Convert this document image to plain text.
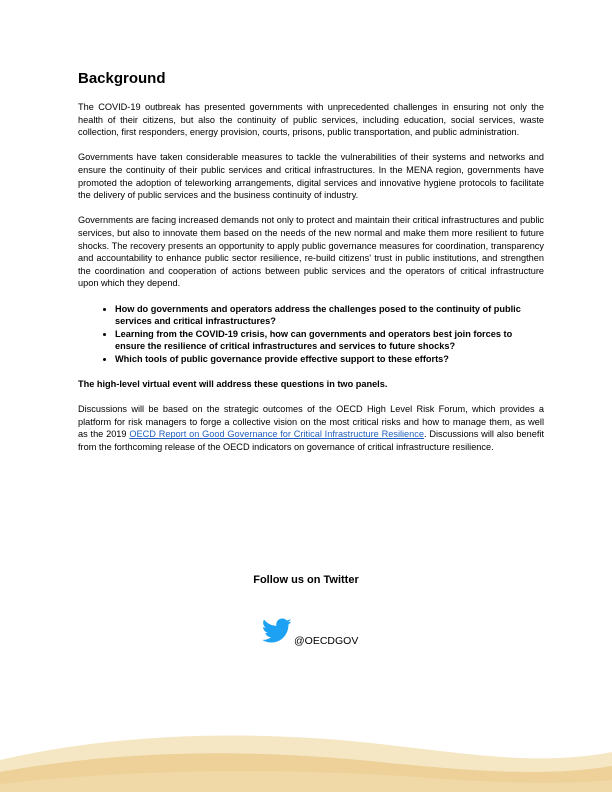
Background

The COVID-19 outbreak has presented governments with unprecedented challenges in ensuring not only the health of their citizens, but also the continuity of public services, including education, social services, waste collection, first responders, energy provision, courts, prisons, public transportation, and public administration.

Governments have taken considerable measures to tackle the vulnerabilities of their systems and networks and ensure the continuity of their public services and critical infrastructures. In the MENA region, governments have promoted the adoption of teleworking arrangements, digital services and innovative hygiene protocols to facilitate the delivery of public services and the business continuity of industry.

Governments are facing increased demands not only to protect and maintain their critical infrastructures and public services, but also to innovate them based on the needs of the new normal and make them more resilient to future shocks. The recovery presents an opportunity to apply public governance measures for coordination, transparency and accountability to enhance public sector resilience, re-build citizens' trust in public institutions, and strengthen the coordination and cooperation of actions between public services and the operators of critical infrastructure upon which they depend.

• How do governments and operators address the challenges posed to the continuity of public services and critical infrastructures?
• Learning from the COVID-19 crisis, how can governments and operators best join forces to ensure the resilience of critical infrastructures and services to future shocks?
• Which tools of public governance provide effective support to these efforts?

The high-level virtual event will address these questions in two panels.

Discussions will be based on the strategic outcomes of the OECD High Level Risk Forum, which provides a platform for risk managers to forge a collective vision on the most critical risks and how to manage them, as well as the 2019 OECD Report on Good Governance for Critical Infrastructure Resilience. Discussions will also benefit from the forthcoming release of the OECD indicators on governance of critical infrastructure resilience.

Follow us on Twitter
@OECDGOV
